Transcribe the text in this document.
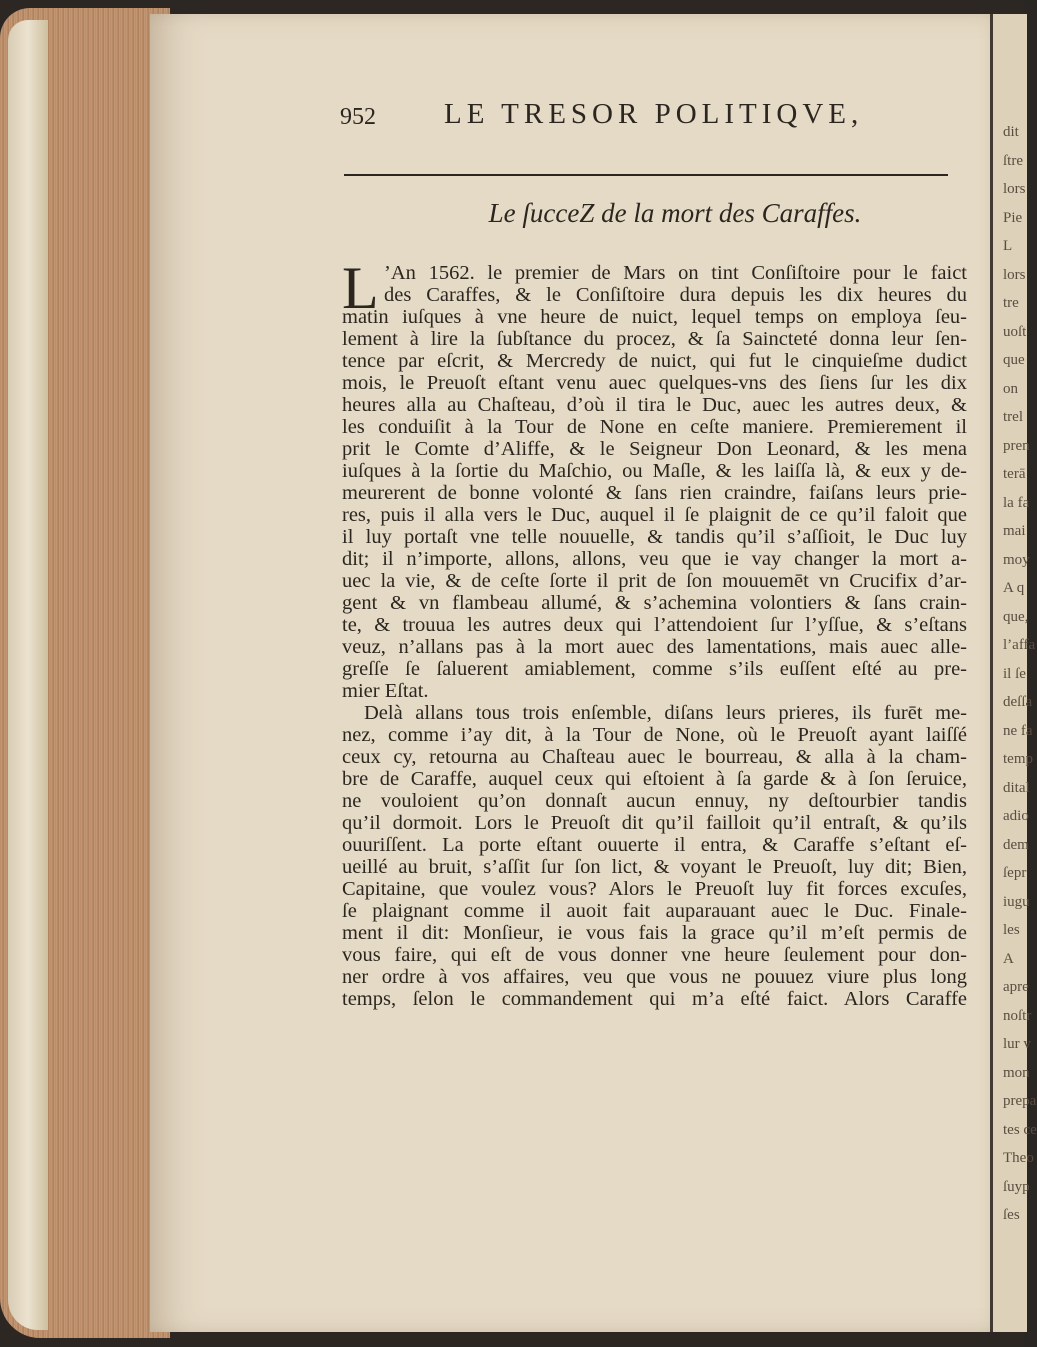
dit
ſtre
lors
Pie
L
lors
tre
uoſt
que
on
trel
pren
terā
la fa
mai
moy
A q
que,
l’affa
il ſe
deſſa
ne fa
temp
dital
adio
dem
ſepr
iugu
les
A
apre
noſtr
lur v
mon
prepa
tes ce
Theo
ſuyp
ſes
952 LE TRESOR POLITIQVE,
Le ſucceZ de la mort des Caraffes.
L ’An 1562. le premier de Mars on tint Conſiſtoire pour le faict
des Caraffes, & le Conſiſtoire dura depuis les dix heures du
matin iuſques à vne heure de nuict, lequel temps on employa ſeu-
lement à lire la ſubſtance du procez, & ſa Saincteté donna leur ſen-
tence par eſcrit, & Mercredy de nuict, qui fut le cinquieſme dudict
mois, le Preuoſt eſtant venu auec quelques-vns des ſiens ſur les dix
heures alla au Chaſteau, d’où il tira le Duc, auec les autres deux, &
les conduiſit à la Tour de None en ceſte maniere. Premierement il
prit le Comte d’Aliffe, & le Seigneur Don Leonard, & les mena
iuſques à la ſortie du Maſchio, ou Maſle, & les laiſſa là, & eux y de-
meurerent de bonne volonté & ſans rien craindre, faiſans leurs prie-
res, puis il alla vers le Duc, auquel il ſe plaignit de ce qu’il faloit que
il luy portaſt vne telle nouuelle, & tandis qu’il s’aſſioit, le Duc luy
dit; il n’importe, allons, allons, veu que ie vay changer la mort a-
uec la vie, & de ceſte ſorte il prit de ſon mouuemēt vn Crucifix d’ar-
gent & vn flambeau allumé, & s’achemina volontiers & ſans crain-
te, & trouua les autres deux qui l’attendoient ſur l’yſſue, & s’eſtans
veuz, n’allans pas à la mort auec des lamentations, mais auec alle-
greſſe ſe ſaluerent amiablement, comme s’ils euſſent eſté au pre-
mier Eſtat.
Delà allans tous trois enſemble, diſans leurs prieres, ils furēt me-
nez, comme i’ay dit, à la Tour de None, où le Preuoſt ayant laiſſé
ceux cy, retourna au Chaſteau auec le bourreau, & alla à la cham-
bre de Caraffe, auquel ceux qui eſtoient à ſa garde & à ſon ſeruice,
ne vouloient qu’on donnaſt aucun ennuy, ny deſtourbier tandis
qu’il dormoit. Lors le Preuoſt dit qu’il failloit qu’il entraſt, & qu’ils
ouuriſſent. La porte eſtant ouuerte il entra, & Caraffe s’eſtant eſ-
ueillé au bruit, s’aſſit ſur ſon lict, & voyant le Preuoſt, luy dit; Bien,
Capitaine, que voulez vous? Alors le Preuoſt luy fit forces excuſes,
ſe plaignant comme il auoit fait auparauant auec le Duc. Finale-
ment il dit: Monſieur, ie vous fais la grace qu’il m’eſt permis de
vous faire, qui eſt de vous donner vne heure ſeulement pour don-
ner ordre à vos affaires, veu que vous ne pouuez viure plus long
temps, ſelon le commandement qui m’a eſté faict. Alors Caraffe
